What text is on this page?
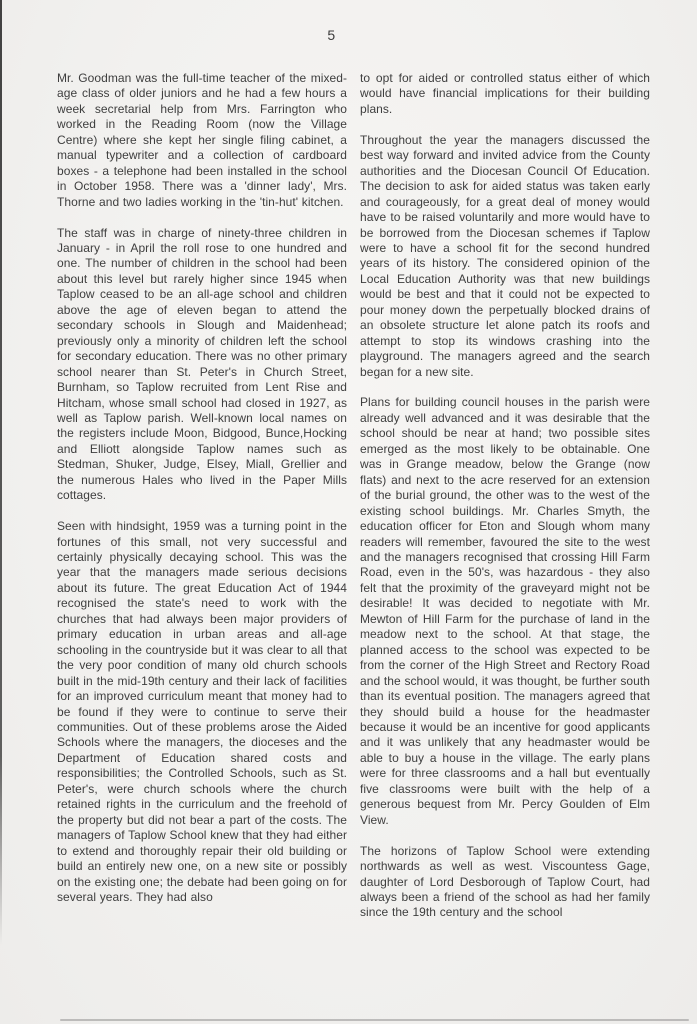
5

Mr. Goodman was the full-time teacher of the mixed-age class of older juniors and he had a few hours a week secretarial help from Mrs. Farrington who worked in the Reading Room (now the Village Centre) where she kept her single filing cabinet, a manual typewriter and a collection of cardboard boxes - a telephone had been installed in the school in October 1958. There was a 'dinner lady', Mrs. Thorne and two ladies working in the 'tin-hut' kitchen.

The staff was in charge of ninety-three children in January - in April the roll rose to one hundred and one. The number of children in the school had been about this level but rarely higher since 1945 when Taplow ceased to be an all-age school and children above the age of eleven began to attend the secondary schools in Slough and Maidenhead; previously only a minority of children left the school for secondary education. There was no other primary school nearer than St. Peter's in Church Street, Burnham, so Taplow recruited from Lent Rise and Hitcham, whose small school had closed in 1927, as well as Taplow parish. Well-known local names on the registers include Moon, Bidgood, Bunce,Hocking and Elliott alongside Taplow names such as Stedman, Shuker, Judge, Elsey, Miall, Grellier and the numerous Hales who lived in the Paper Mills cottages.

Seen with hindsight, 1959 was a turning point in the fortunes of this small, not very successful and certainly physically decaying school. This was the year that the managers made serious decisions about its future. The great Education Act of 1944 recognised the state's need to work with the churches that had always been major providers of primary education in urban areas and all-age schooling in the countryside but it was clear to all that the very poor condition of many old church schools built in the mid-19th century and their lack of facilities for an improved curriculum meant that money had to be found if they were to continue to serve their communities. Out of these problems arose the Aided Schools where the managers, the dioceses and the Department of Education shared costs and responsibilities; the Controlled Schools, such as St. Peter's, were church schools where the church retained rights in the curriculum and the freehold of the property but did not bear a part of the costs. The managers of Taplow School knew that they had either to extend and thoroughly repair their old building or build an entirely new one, on a new site or possibly on the existing one; the debate had been going on for several years. They had also

to opt for aided or controlled status either of which would have financial implications for their building plans.

Throughout the year the managers discussed the best way forward and invited advice from the County authorities and the Diocesan Council Of Education. The decision to ask for aided status was taken early and courageously, for a great deal of money would have to be raised voluntarily and more would have to be borrowed from the Diocesan schemes if Taplow were to have a school fit for the second hundred years of its history. The considered opinion of the Local Education Authority was that new buildings would be best and that it could not be expected to pour money down the perpetually blocked drains of an obsolete structure let alone patch its roofs and attempt to stop its windows crashing into the playground. The managers agreed and the search began for a new site.

Plans for building council houses in the parish were already well advanced and it was desirable that the school should be near at hand; two possible sites emerged as the most likely to be obtainable. One was in Grange meadow, below the Grange (now flats) and next to the acre reserved for an extension of the burial ground, the other was to the west of the existing school buildings. Mr. Charles Smyth, the education officer for Eton and Slough whom many readers will remember, favoured the site to the west and the managers recognised that crossing Hill Farm Road, even in the 50's, was hazardous - they also felt that the proximity of the graveyard might not be desirable! It was decided to negotiate with Mr. Mewton of Hill Farm for the purchase of land in the meadow next to the school. At that stage, the planned access to the school was expected to be from the corner of the High Street and Rectory Road and the school would, it was thought, be further south than its eventual position. The managers agreed that they should build a house for the headmaster because it would be an incentive for good applicants and it was unlikely that any headmaster would be able to buy a house in the village. The early plans were for three classrooms and a hall but eventually five classrooms were built with the help of a generous bequest from Mr. Percy Goulden of Elm View.

The horizons of Taplow School were extending northwards as well as west. Viscountess Gage, daughter of Lord Desborough of Taplow Court, had always been a friend of the school as had her family since the 19th century and the school
